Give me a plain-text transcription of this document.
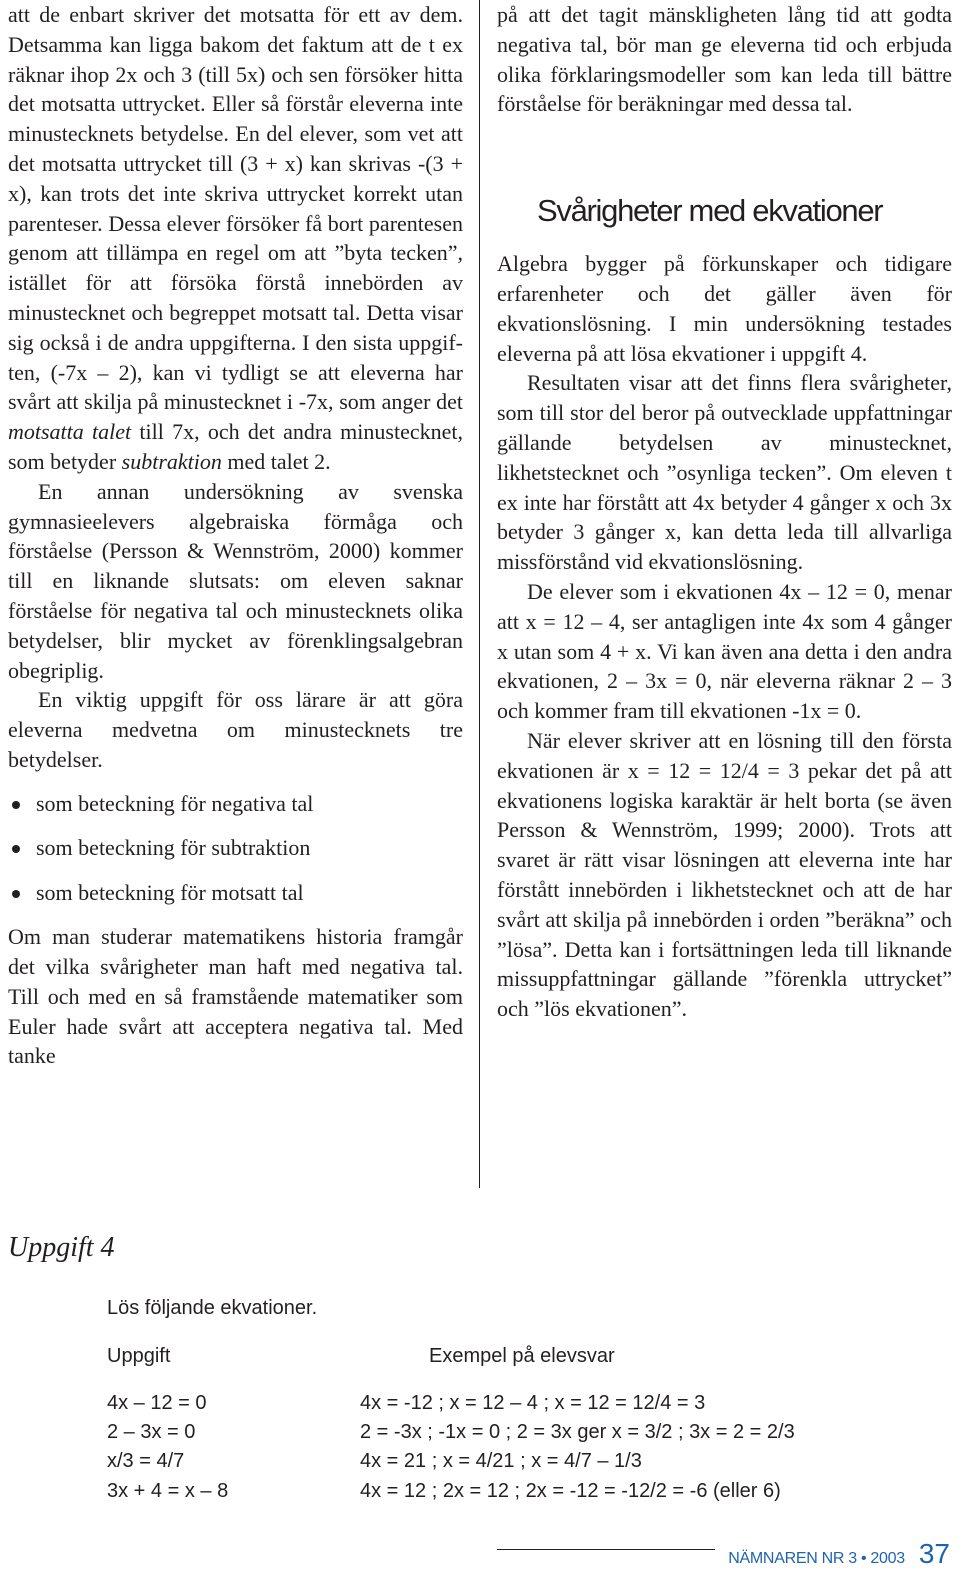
att de enbart skriver det motsatta för ett av dem. Detsamma kan ligga bakom det faktum att de t ex räknar ihop 2x och 3 (till 5x) och sen försöker hitta det motsatta uttrycket. Eller så förstår eleverna inte minustecknets betydelse. En del elever, som vet att det motsatta uttrycket till (3 + x) kan skrivas -(3 + x), kan trots det inte skriva uttrycket korrekt utan parenteser. Dessa elever försöker få bort parentesen genom att tillämpa en regel om att ”byta tecken”, istället för att försöka förstå innebörden av minustecknet och begreppet motsatt tal. Detta visar sig också i de andra uppgifterna. I den sista uppgiften, (-7x – 2), kan vi tydligt se att eleverna har svårt att skilja på minustecknet i -7x, som anger det motsatta talet till 7x, och det andra minustecknet, som betyder subtraktion med talet 2.

En annan undersökning av svenska gymnasieelevers algebraiska förmåga och förståelse (Persson & Wennström, 2000) kommer till en liknande slutsats: om eleven saknar förståelse för negativa tal och minustecknets olika betydelser, blir mycket av förenklingsalgebran obegriplig.

En viktig uppgift för oss lärare är att göra eleverna medvetna om minustecknets tre betydelser.

som beteckning för negativa tal
som beteckning för subtraktion
som beteckning för motsatt tal

Om man studerar matematikens historia framgår det vilka svårigheter man haft med negativa tal. Till och med en så framstående matematiker som Euler hade svårt att acceptera negativa tal. Med tanke

på att det tagit mänskligheten lång tid att godta negativa tal, bör man ge eleverna tid och erbjuda olika förklaringsmodeller som kan leda till bättre förståelse för beräkningar med dessa tal.

Svårigheter med ekvationer

Algebra bygger på förkunskaper och tidigare erfarenheter och det gäller även för ekvationslösning. I min undersökning testades eleverna på att lösa ekvationer i uppgift 4.

Resultaten visar att det finns flera svårigheter, som till stor del beror på outvecklade uppfattningar gällande betydelsen av minustecknet, likhetstecknet och ”osynliga tecken”. Om eleven t ex inte har förstått att 4x betyder 4 gånger x och 3x betyder 3 gånger x, kan detta leda till allvarliga missförstånd vid ekvationslösning.

De elever som i ekvationen 4x – 12 = 0, menar att x = 12 – 4, ser antagligen inte 4x som 4 gånger x utan som 4 + x. Vi kan även ana detta i den andra ekvationen, 2 – 3x = 0, när eleverna räknar 2 – 3 och kommer fram till ekvationen -1x = 0.

När elever skriver att en lösning till den första ekvationen är x = 12 = 12/4 = 3 pekar det på att ekvationens logiska karaktär är helt borta (se även Persson & Wennström, 1999; 2000). Trots att svaret är rätt visar lösningen att eleverna inte har förstått innebörden i likhetstecknet och att de har svårt att skilja på innebörden i orden ”beräkna” och ”lösa”. Detta kan i fortsättningen leda till liknande missuppfattningar gällande ”förenkla uttrycket” och ”lös ekvationen”.

Uppgift 4
Lös följande ekvationer.
Uppgift	Exempel på elevsvar
4x – 12 = 0	4x = -12 ; x = 12 – 4 ; x = 12 = 12/4 = 3
2 – 3x = 0	2 = -3x ; -1x = 0 ; 2 = 3x ger x = 3/2 ; 3x = 2 = 2/3
x/3 = 4/7	4x = 21 ; x = 4/21 ; x = 4/7 – 1/3
3x + 4 = x – 8	4x = 12 ; 2x = 12 ; 2x = -12 = -12/2 = -6 (eller 6)
NÄMNAREN NR 3 • 2003 37
